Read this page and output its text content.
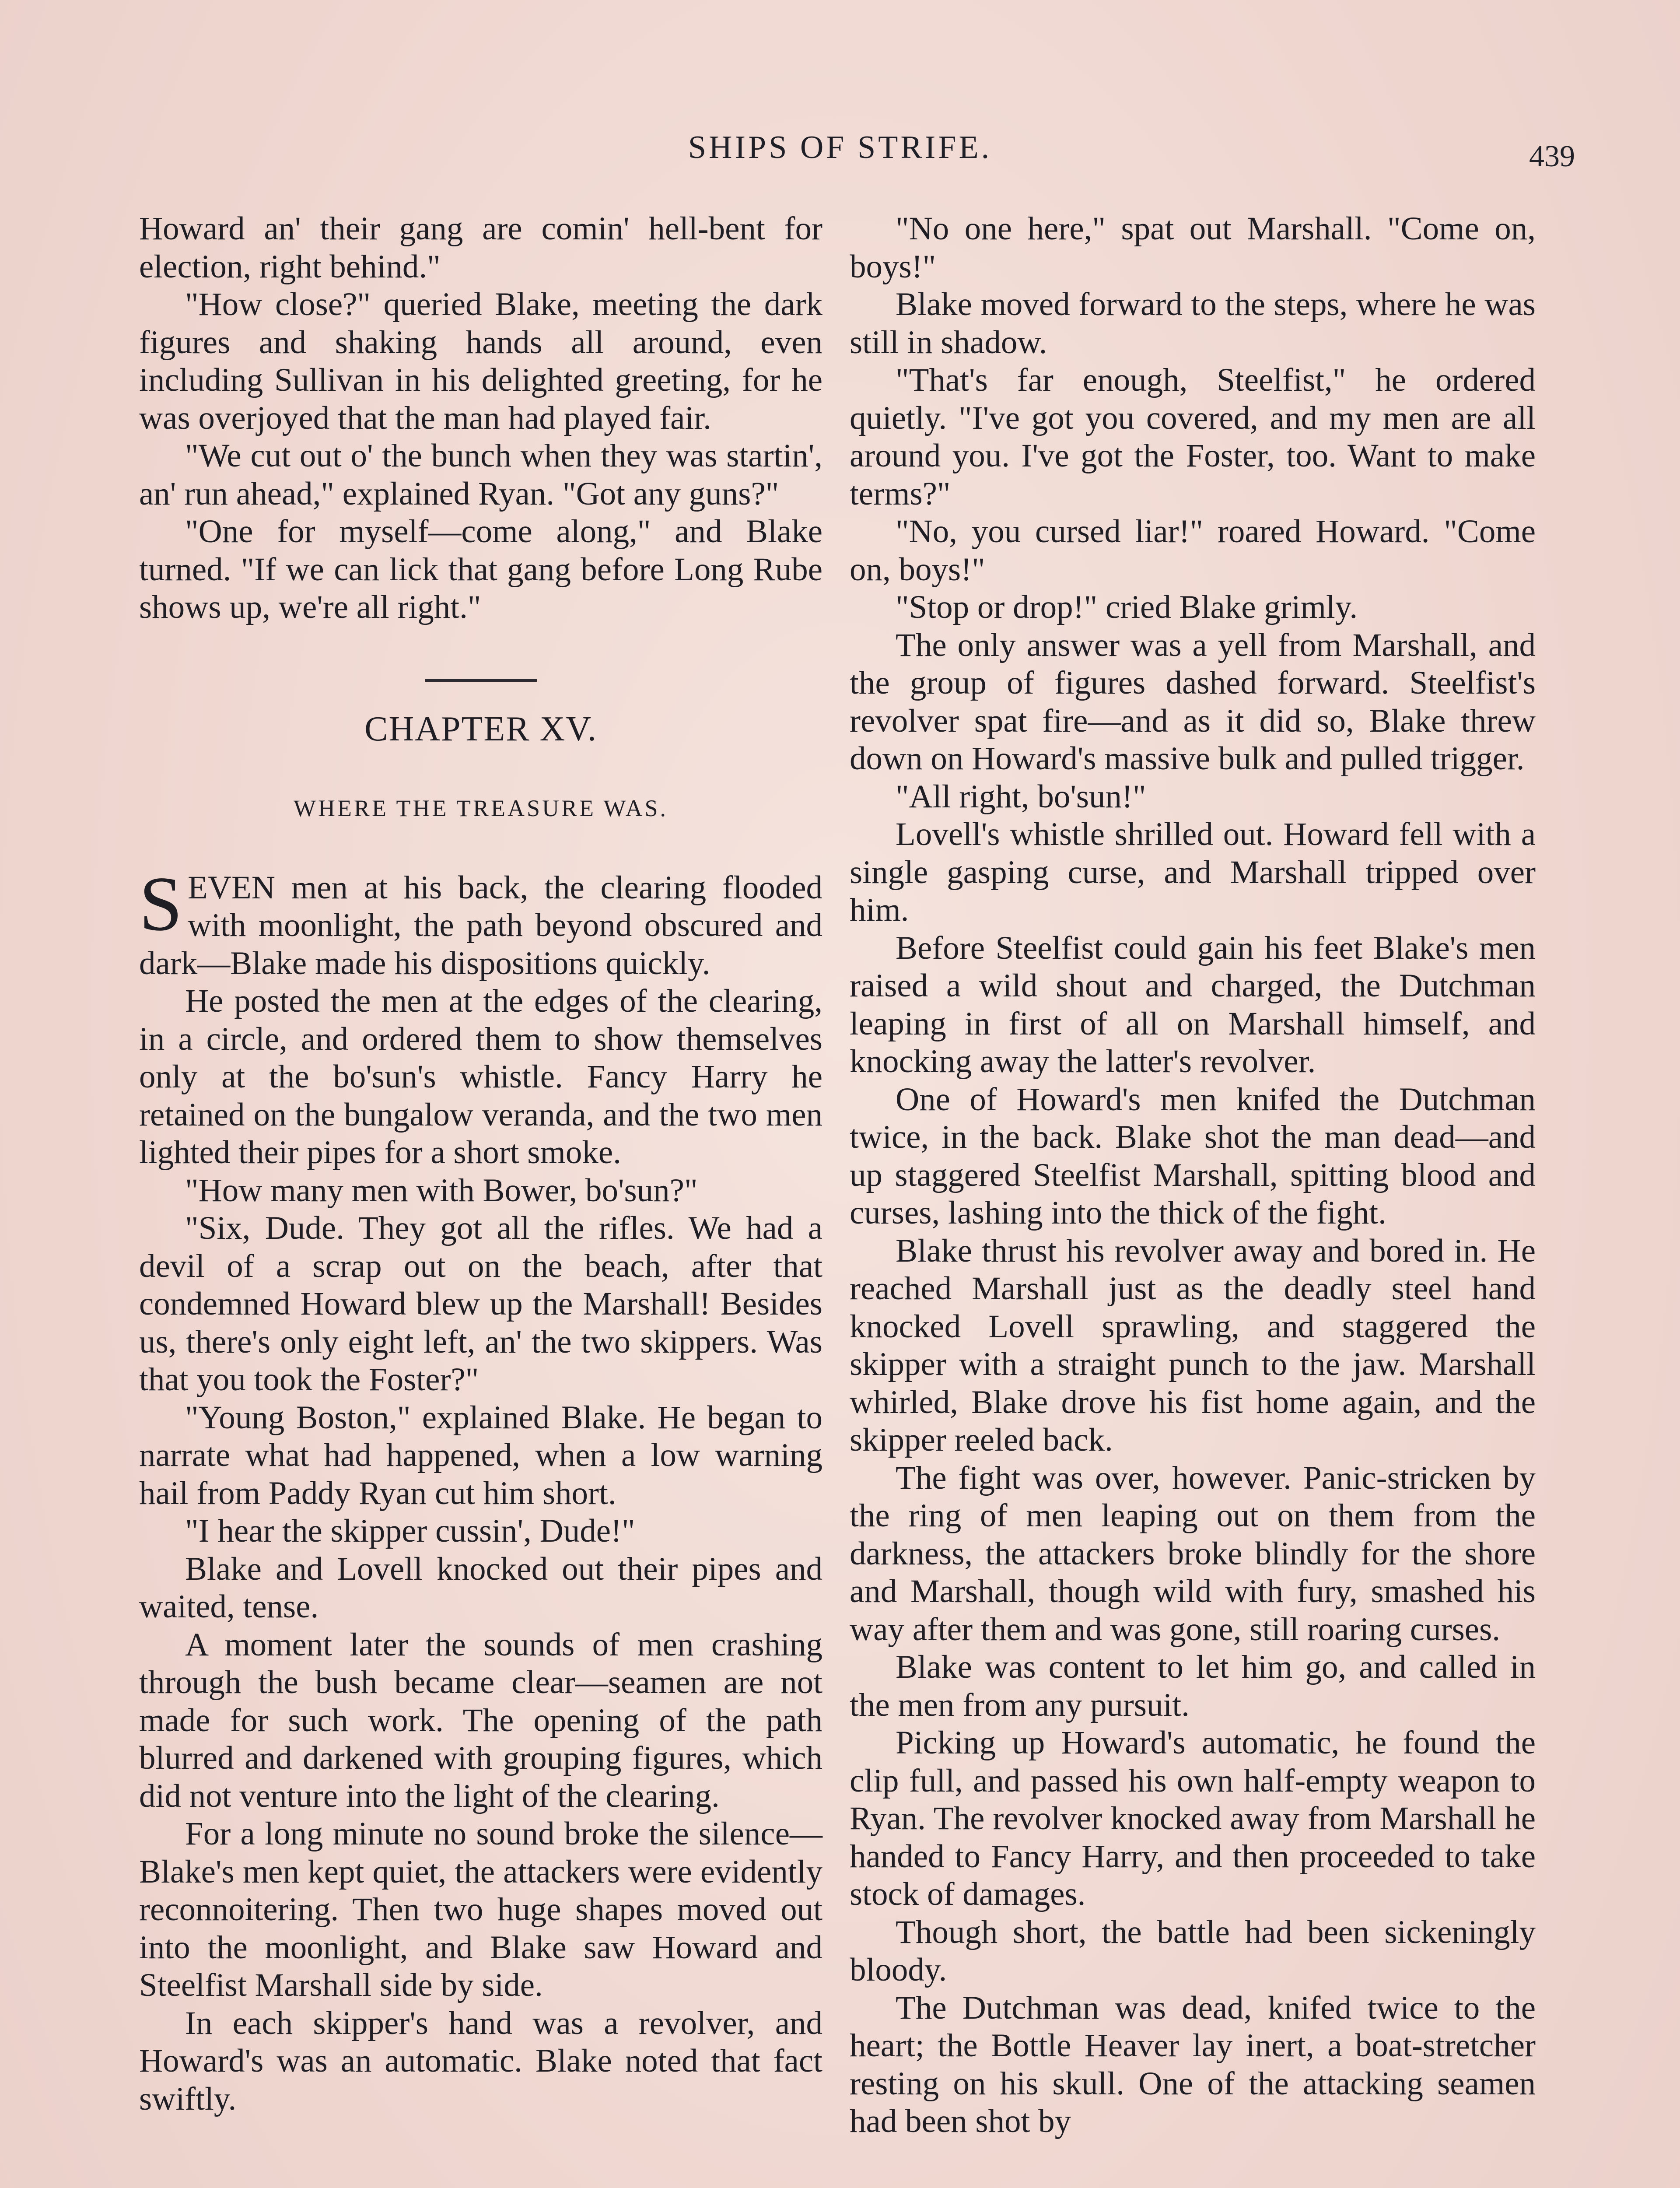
SHIPS OF STRIFE.	439

Howard an' their gang are comin' hell-bent for election, right behind."

"How close?" queried Blake, meeting the dark figures and shaking hands all around, even including Sullivan in his delighted greeting, for he was overjoyed that the man had played fair.

"We cut out o' the bunch when they was startin', an' run ahead," explained Ryan. "Got any guns?"

"One for myself—come along," and Blake turned. "If we can lick that gang before Long Rube shows up, we're all right."

CHAPTER XV.
WHERE THE TREASURE WAS.

SEVEN men at his back, the clearing flooded with moonlight, the path beyond obscured and dark—Blake made his dispositions quickly.

He posted the men at the edges of the clearing, in a circle, and ordered them to show themselves only at the bo'sun's whistle. Fancy Harry he retained on the bungalow veranda, and the two men lighted their pipes for a short smoke.

"How many men with Bower, bo'sun?"

"Six, Dude. They got all the rifles. We had a devil of a scrap out on the beach, after that condemned Howard blew up the Marshall! Besides us, there's only eight left, an' the two skippers. Was that you took the Foster?"

"Young Boston," explained Blake. He began to narrate what had happened, when a low warning hail from Paddy Ryan cut him short.

"I hear the skipper cussin', Dude!"

Blake and Lovell knocked out their pipes and waited, tense.

A moment later the sounds of men crashing through the bush became clear—seamen are not made for such work. The opening of the path blurred and darkened with grouping figures, which did not venture into the light of the clearing.

For a long minute no sound broke the silence—Blake's men kept quiet, the attackers were evidently reconnoitering. Then two huge shapes moved out into the moonlight, and Blake saw Howard and Steelfist Marshall side by side.

In each skipper's hand was a revolver, and Howard's was an automatic. Blake noted that fact swiftly.

"No one here," spat out Marshall. "Come on, boys!"

Blake moved forward to the steps, where he was still in shadow.

"That's far enough, Steelfist," he ordered quietly. "I've got you covered, and my men are all around you. I've got the Foster, too. Want to make terms?"

"No, you cursed liar!" roared Howard. "Come on, boys!"

"Stop or drop!" cried Blake grimly.

The only answer was a yell from Marshall, and the group of figures dashed forward. Steelfist's revolver spat fire—and as it did so, Blake threw down on Howard's massive bulk and pulled trigger.

"All right, bo'sun!"

Lovell's whistle shrilled out. Howard fell with a single gasping curse, and Marshall tripped over him.

Before Steelfist could gain his feet Blake's men raised a wild shout and charged, the Dutchman leaping in first of all on Marshall himself, and knocking away the latter's revolver.

One of Howard's men knifed the Dutchman twice, in the back. Blake shot the man dead—and up staggered Steelfist Marshall, spitting blood and curses, lashing into the thick of the fight.

Blake thrust his revolver away and bored in. He reached Marshall just as the deadly steel hand knocked Lovell sprawling, and staggered the skipper with a straight punch to the jaw. Marshall whirled, Blake drove his fist home again, and the skipper reeled back.

The fight was over, however. Panic-stricken by the ring of men leaping out on them from the darkness, the attackers broke blindly for the shore and Marshall, though wild with fury, smashed his way after them and was gone, still roaring curses.

Blake was content to let him go, and called in the men from any pursuit.

Picking up Howard's automatic, he found the clip full, and passed his own half-empty weapon to Ryan. The revolver knocked away from Marshall he handed to Fancy Harry, and then proceeded to take stock of damages.

Though short, the battle had been sickeningly bloody.

The Dutchman was dead, knifed twice to the heart; the Bottle Heaver lay inert, a boat-stretcher resting on his skull. One of the attacking seamen had been shot by
